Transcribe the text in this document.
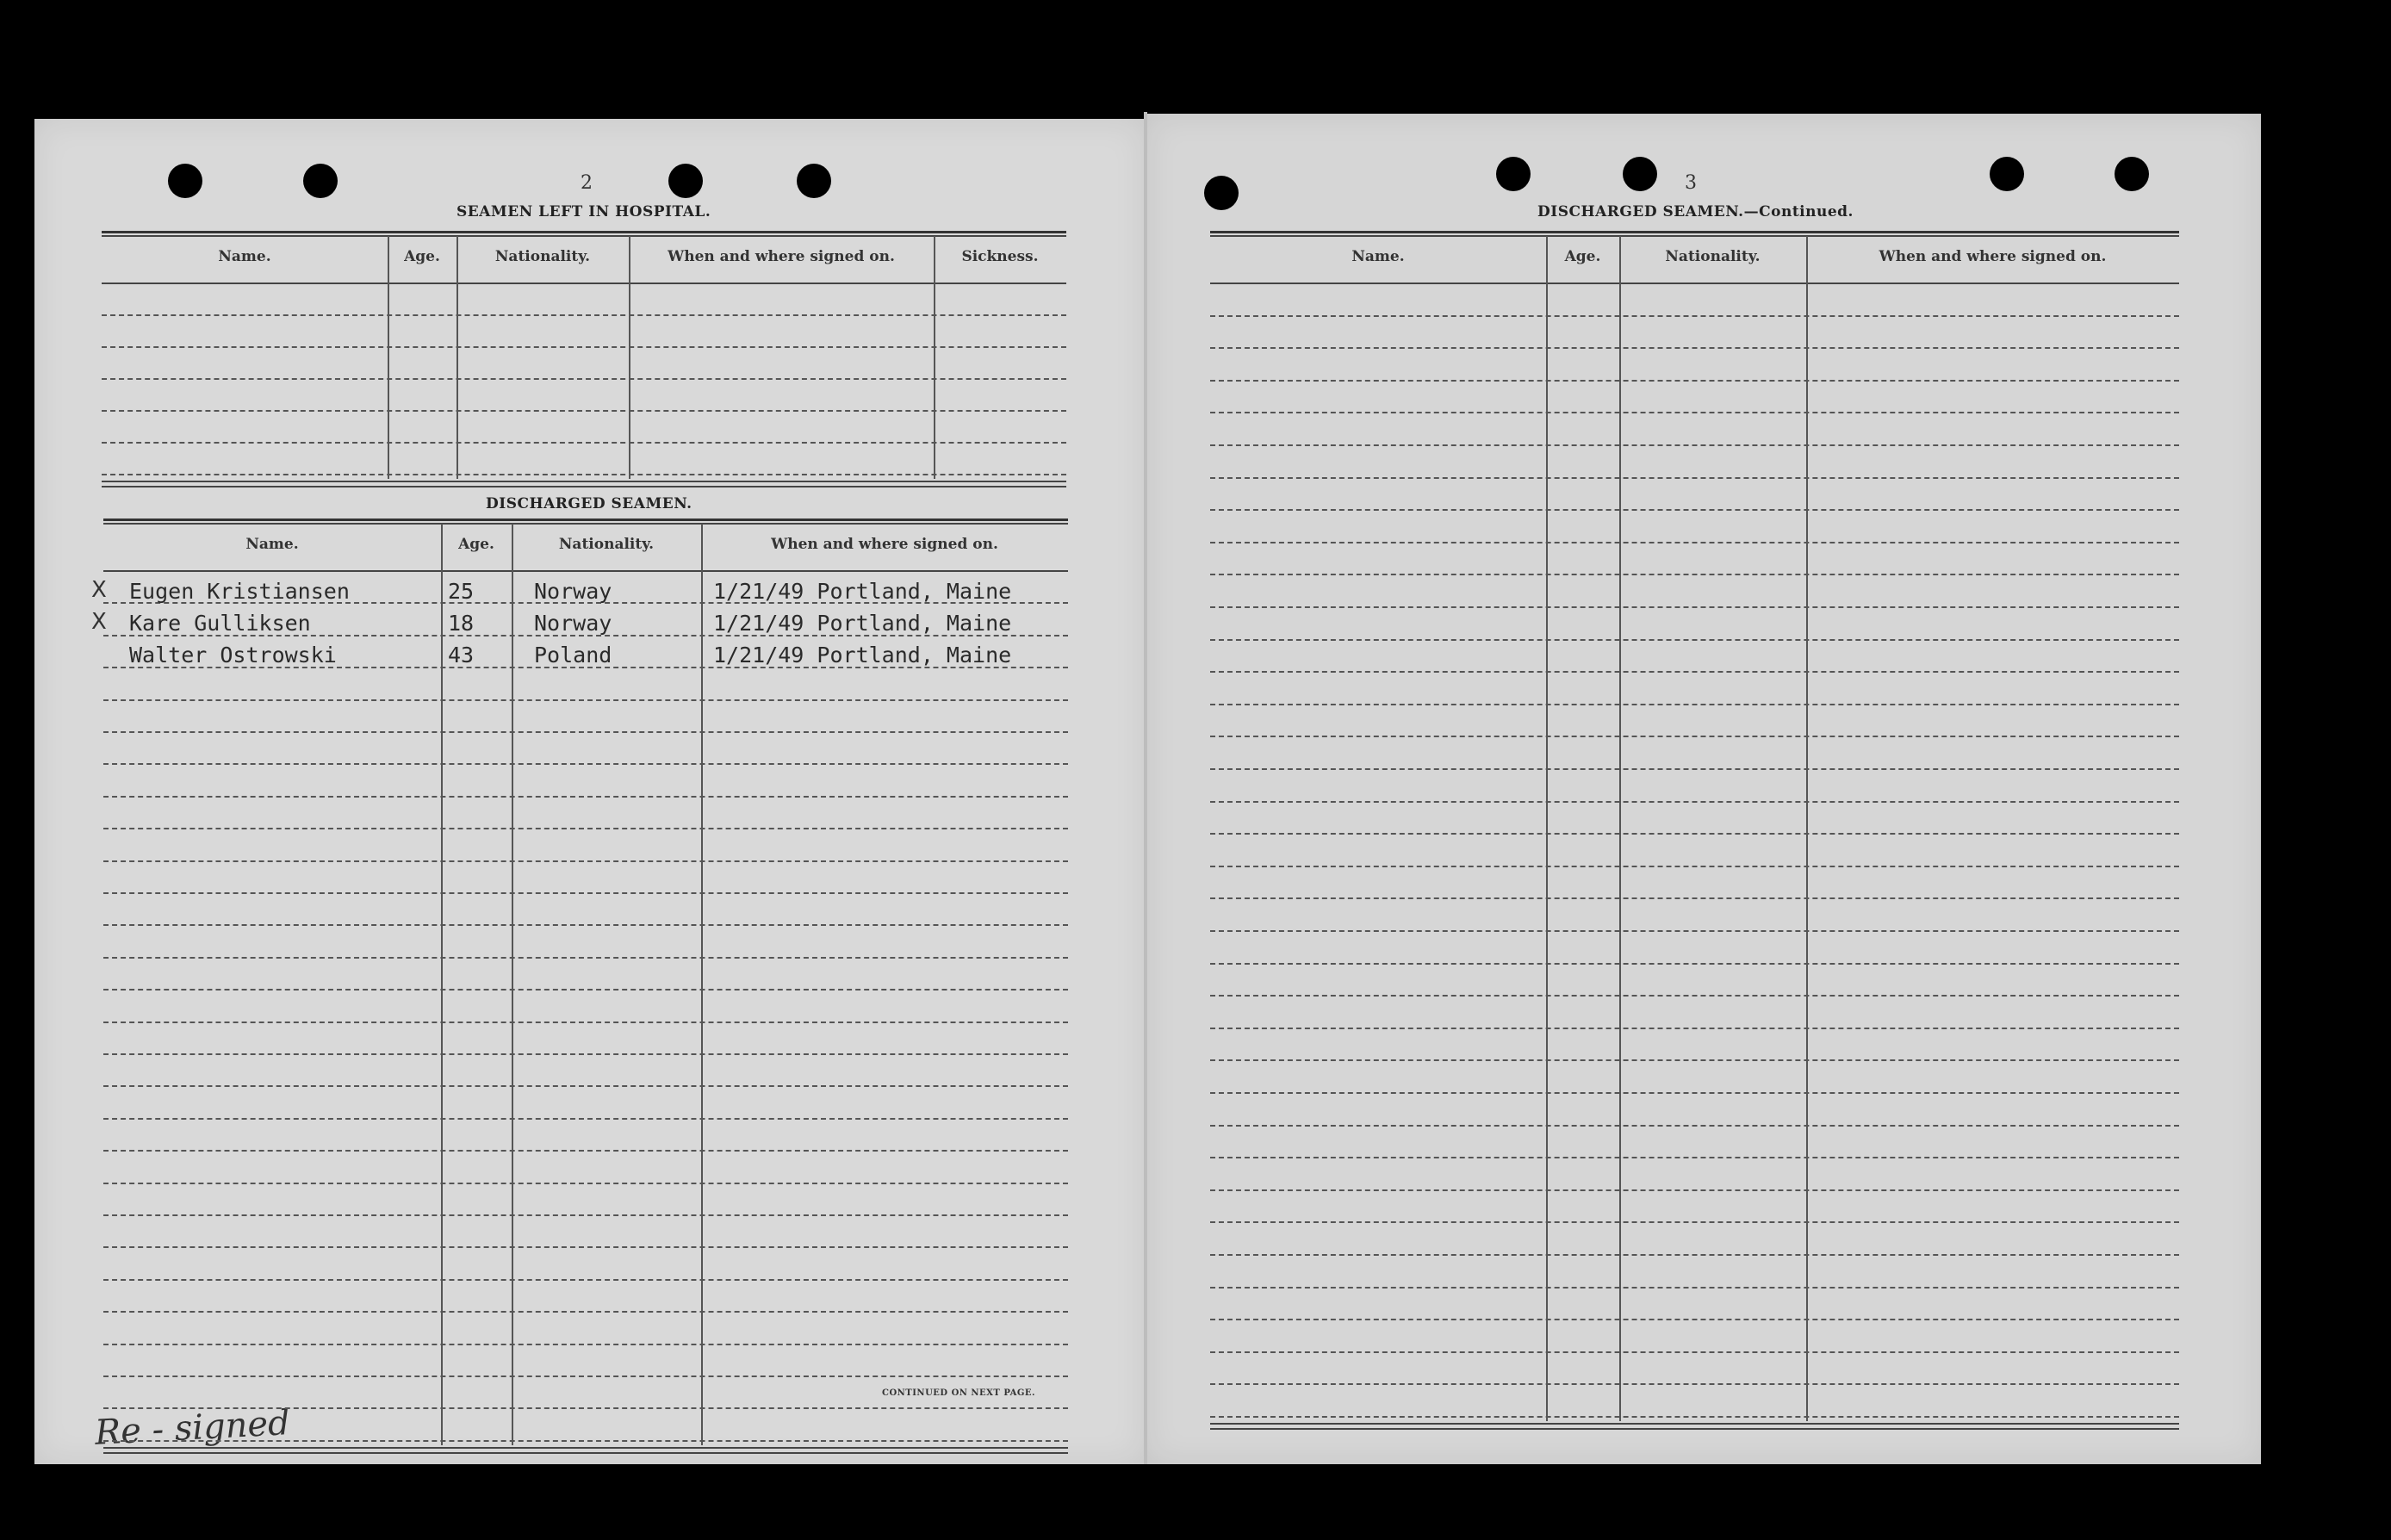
2
SEAMEN LEFT IN HOSPITAL.
DISCHARGED SEAMEN.
CONTINUED ON NEXT PAGE.
Re - signed
3
DISCHARGED SEAMEN.—Continued.
Name.	Age.	Nationality.	When and where signed on.	Sickness.
Name.	Age.	Nationality.	When and where signed on.
X Eugen Kristiansen	25	Norway	1/21/49 Portland, Maine
X Kare Gulliksen	18	Norway	1/21/49 Portland, Maine
Walter Ostrowski	43	Poland	1/21/49 Portland, Maine
Name.	Age.	Nationality.	When and where signed on.
